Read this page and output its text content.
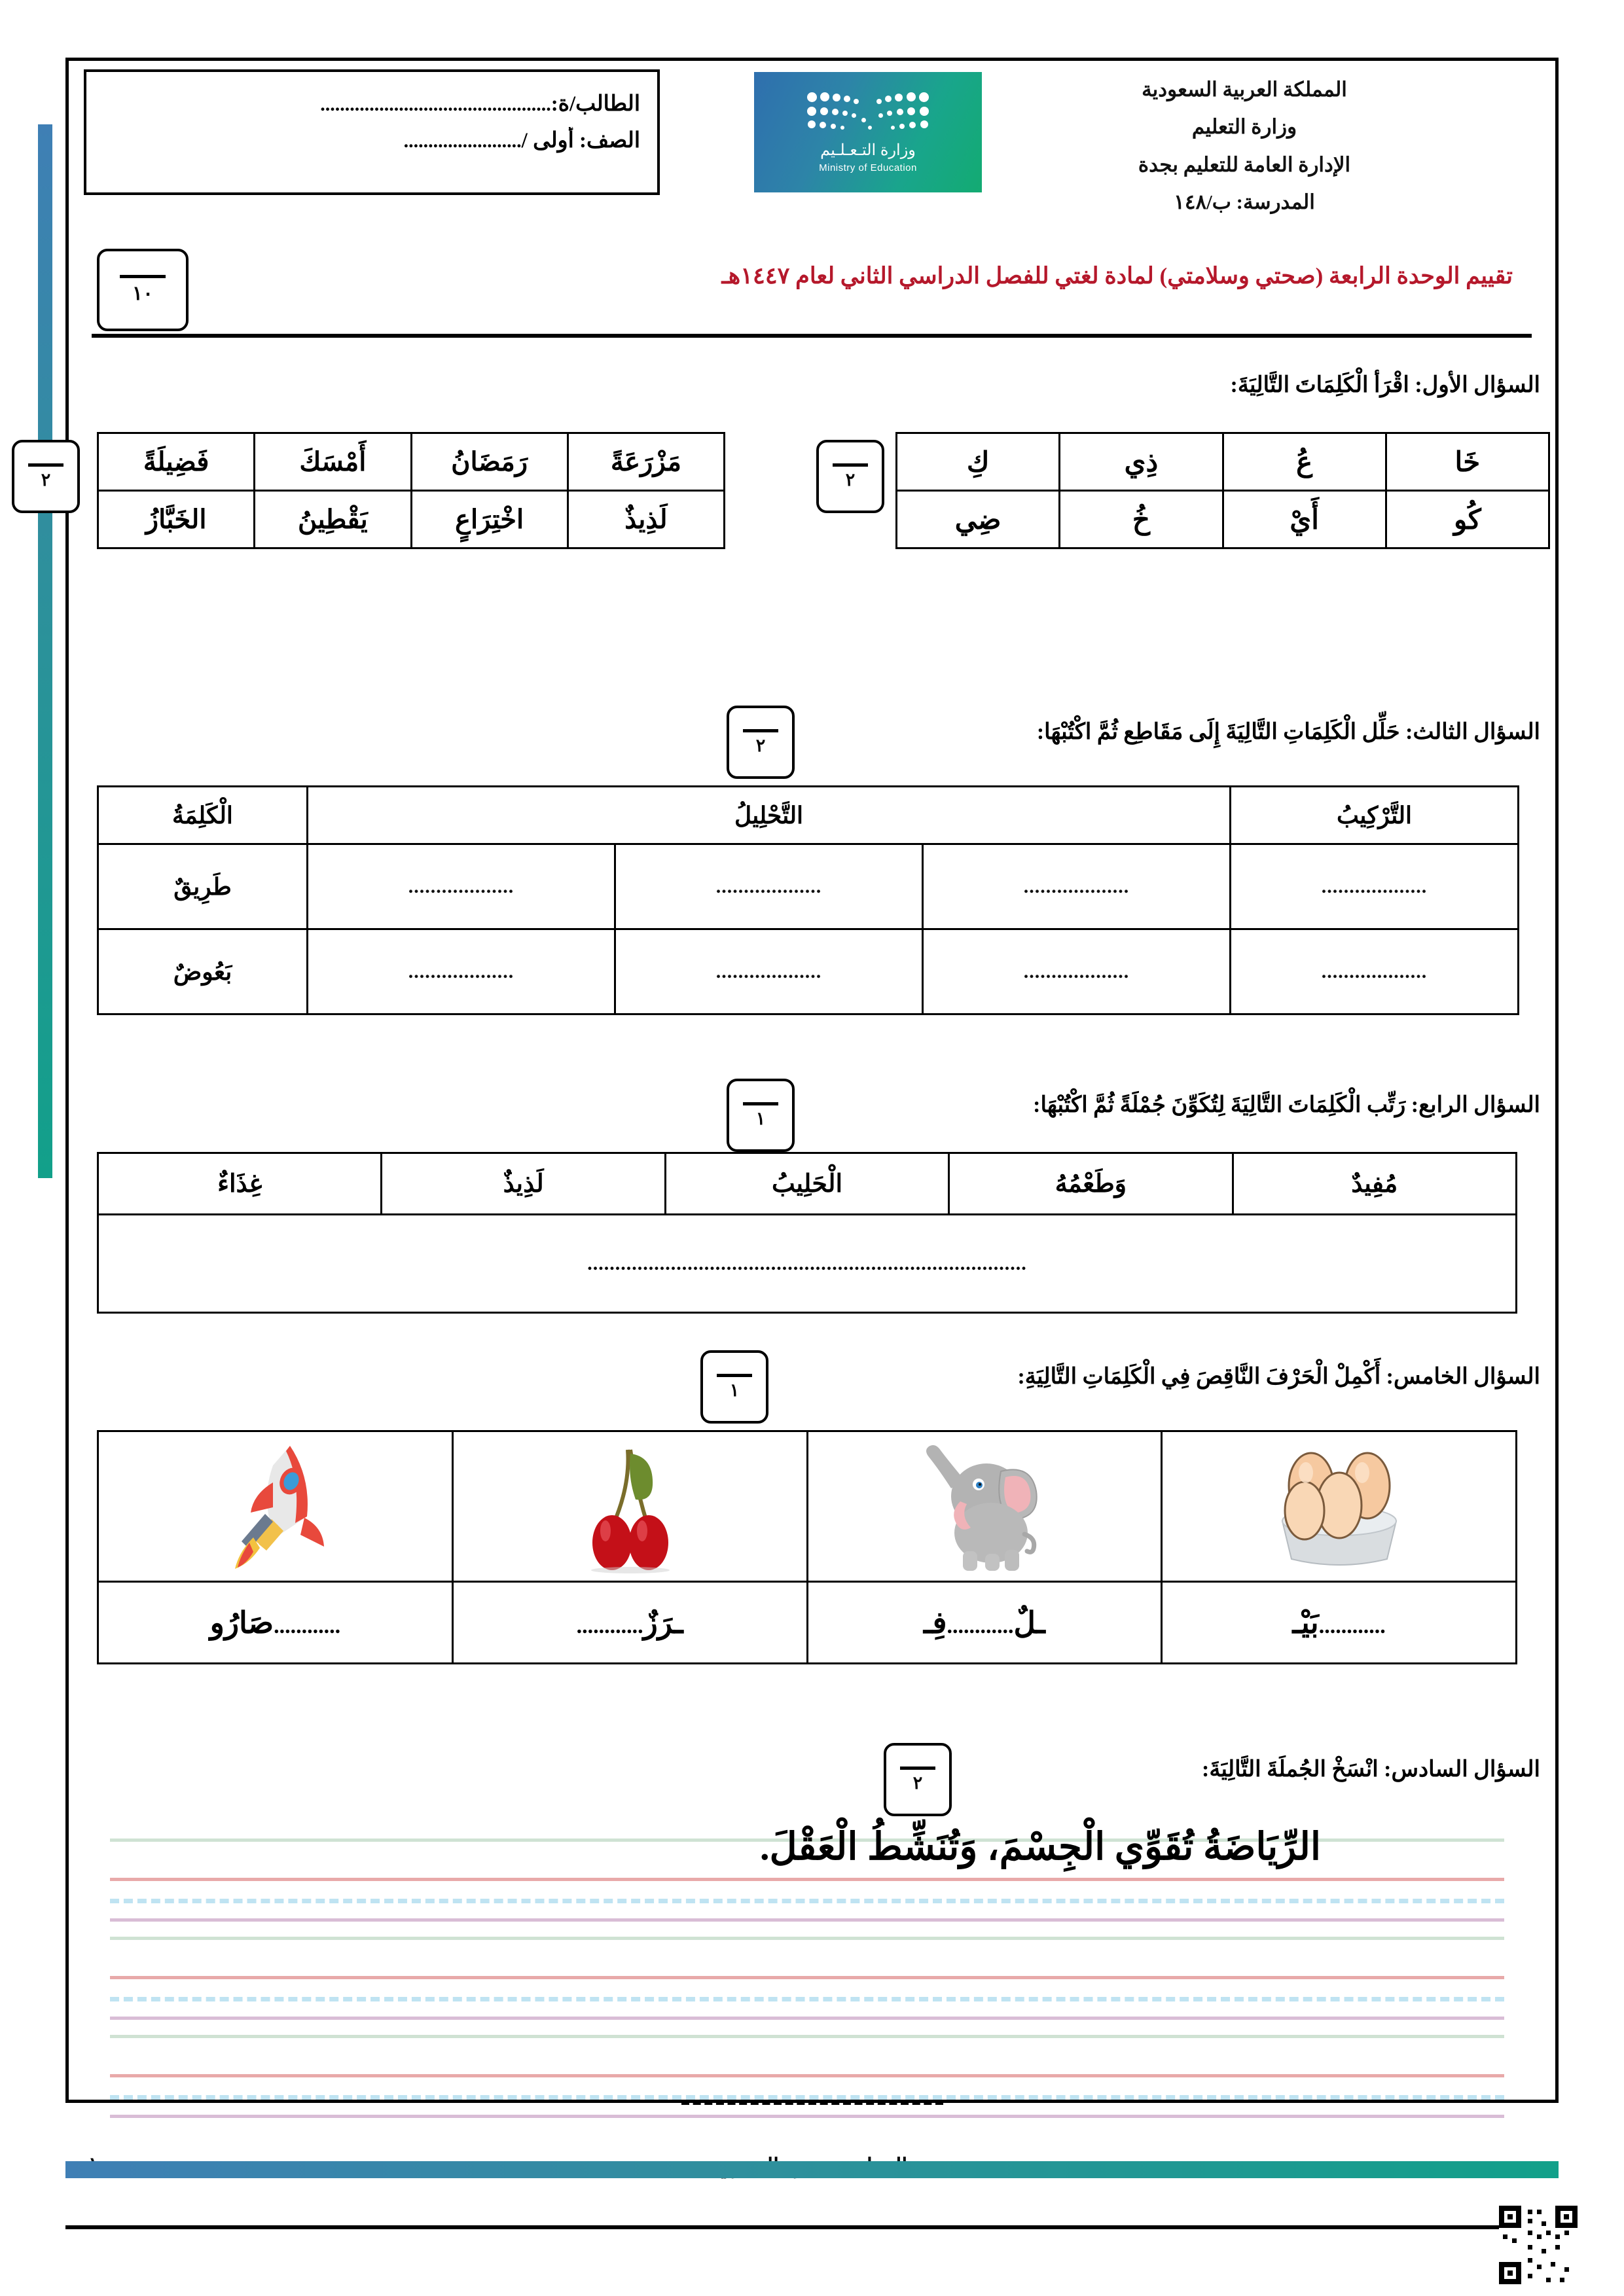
المملكة العربية السعودية
وزارة التعليم
الإدارة العامة للتعليم بجدة
المدرسة: ب/١٤٨
وزارة التـعـلـيم
Ministry of Education
الطالب/ة:...............................................
الصف: أولى /........................
تقييم الوحدة الرابعة (صحتي وسلامتي) لمادة لغتي للفصل الدراسي الثاني لعام ١٤٤٧هـ
١٠
السؤال الأول: اقْرَأ الْكَلِمَاتَ التَّالِيَةَ:
٢
٢
خَا	عُ	ذِي	كِ
كُو	أَيْ	خُ	ضِي
مَزْرَعَةً	رَمَضَانُ	أَمْسَكَ	فَضِيلَةً
لَذِيذٌ	اخْتِرَاعٍ	يَقْطِينُ	الخَبَّازُ
السؤال الثالث: حَلِّل الْكَلِمَاتِ التَّالِيَةَ إِلَى مَقَاطِع ثُمَّ اكْتُبْهَا:
٢
التَّرْكِيبُ	التَّحْلِيلُ			الْكَلِمَةُ
...................	...................	...................	...................	طَرِيقٌ
...................	...................	...................	...................	بَعُوضٌ
السؤال الرابع: رَتِّب الْكَلِمَاتَ التَّالِيَةَ لِتُكَوِّنَ جُمْلَةً ثُمَّ اكْتُبْهَا:
١
مُفِيدٌ	وَطَعْمُهُ	الْحَلِيبُ	لَذِيذٌ	غِذَاءٌ
...............................................................................
السؤال الخامس: أَكْمِلْ الْحَرْفَ النَّاقِصَ فِي الْكَلِمَاتِ التَّالِيَةِ:
١

............بَيْـ	ـلٌ............فِـ	ـرَزٌ............	............صَارُو
السؤال السادس: انْسَخْ الجُملَةَ التَّالِيَةَ:
٢
الرِّيَاضَةُ تُقَوِّي الْجِسْمَ، وَتُنَشِّطُ الْعَقْلَ.
